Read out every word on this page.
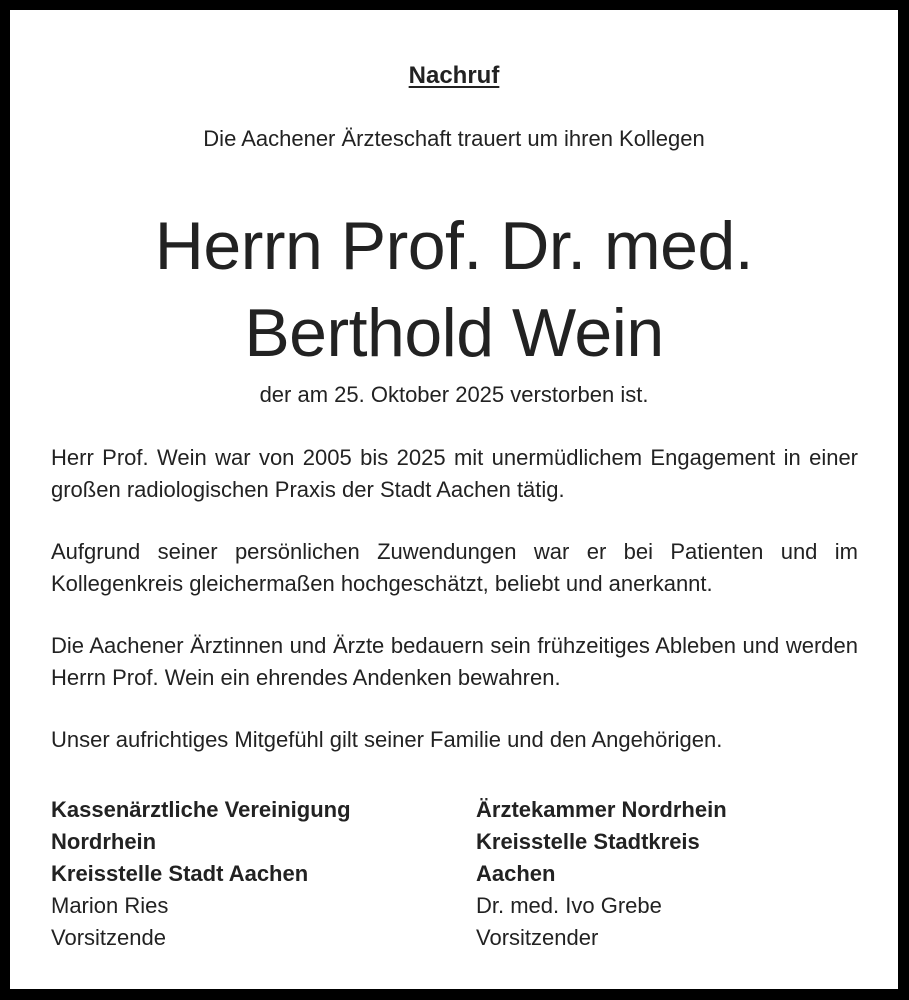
Nachruf
Die Aachener Ärzteschaft trauert um ihren Kollegen
Herrn Prof. Dr. med.
Berthold Wein
der am 25. Oktober 2025 verstorben ist.
Herr Prof. Wein war von 2005 bis 2025 mit unermüdlichem Engagement in einer großen radiologischen Praxis der Stadt Aachen tätig.
Aufgrund seiner persönlichen Zuwendungen war er bei Patienten und im Kollegenkreis gleichermaßen hochgeschätzt, beliebt und anerkannt.
Die Aachener Ärztinnen und Ärzte bedauern sein frühzeitiges Ableben und werden Herrn Prof. Wein ein ehrendes Andenken bewahren.
Unser aufrichtiges Mitgefühl gilt seiner Familie und den Angehörigen.
Kassenärztliche Vereinigung
Nordrhein
Kreisstelle Stadt Aachen
Marion Ries
Vorsitzende
Ärztekammer Nordrhein
Kreisstelle Stadtkreis
Aachen
Dr. med. Ivo Grebe
Vorsitzender
